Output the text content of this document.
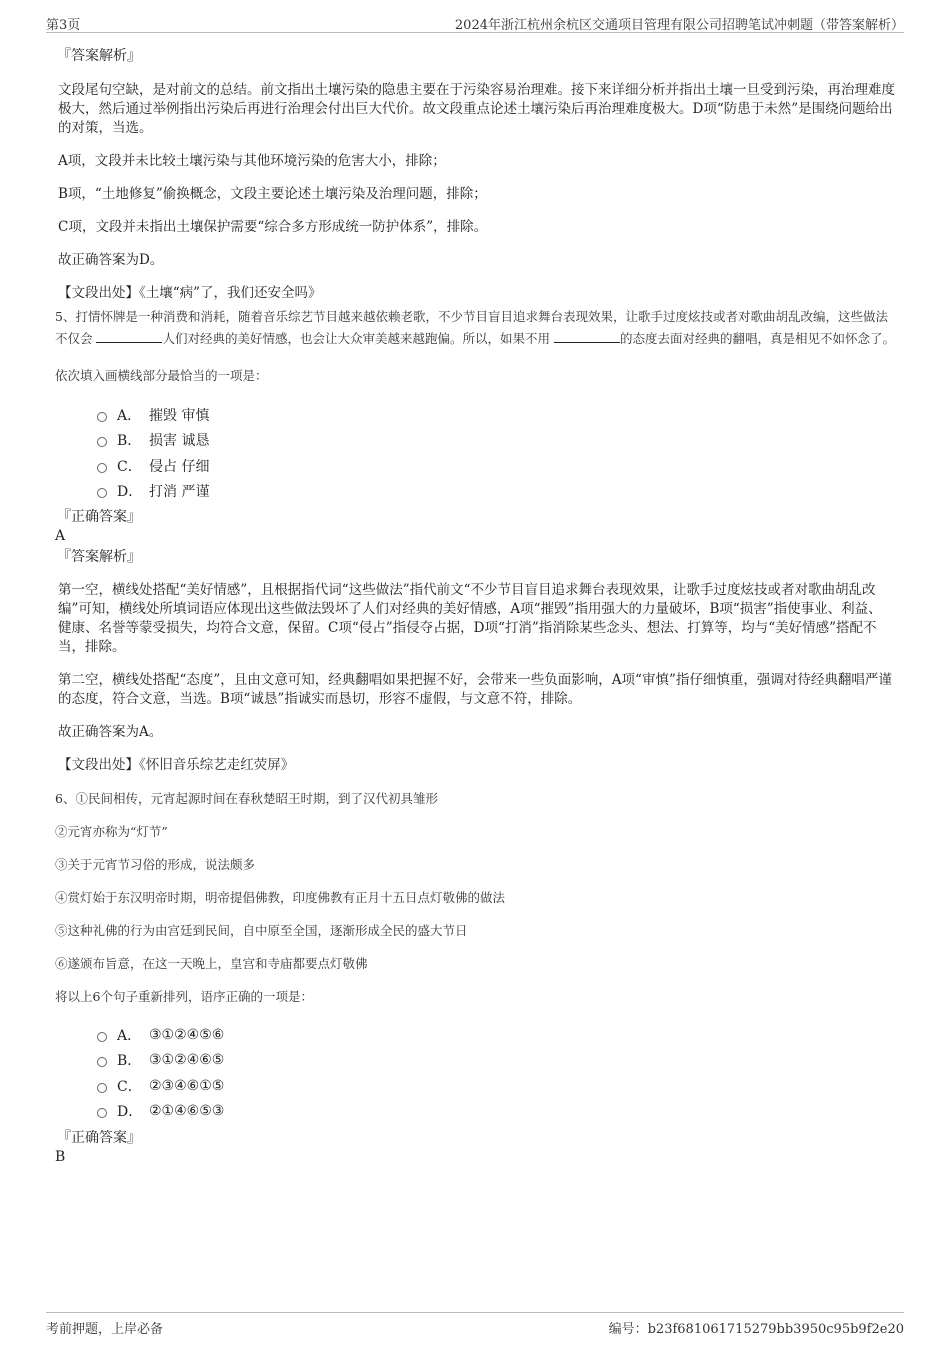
第3页	2024年浙江杭州余杭区交通项目管理有限公司招聘笔试冲刺题（带答案解析）

『答案解析』

文段尾句空缺，是对前文的总结。前文指出土壤污染的隐患主要在于污染容易治理难。接下来详细分析并指出土壤一旦受到污染，再治理难度极大，然后通过举例指出污染后再进行治理会付出巨大代价。故文段重点论述土壤污染后再治理难度极大。D项“防患于未然”是围绕问题给出的对策，当选。

A项，文段并未比较土壤污染与其他环境污染的危害大小，排除；

B项，“土地修复”偷换概念，文段主要论述土壤污染及治理问题，排除；

C项，文段并未指出土壤保护需要“综合多方形成统一防护体系”，排除。

故正确答案为D。

【文段出处】《土壤“病”了，我们还安全吗》

5、打情怀牌是一种消费和消耗，随着音乐综艺节目越来越依赖老歌，不少节目盲目追求舞台表现效果，让歌手过度炫技或者对歌曲胡乱改编，这些做法不仅会	人们对经典的美好情感，也会让大众审美越来越跑偏。所以，如果不用	的态度去面对经典的翻唱，真是相见不如怀念了。

依次填入画横线部分最恰当的一项是：

A． 摧毁 审慎
B． 损害 诚恳
C． 侵占 仔细
D． 打消 严谨

『正确答案』

A

『答案解析』

第一空，横线处搭配“美好情感”，且根据指代词“这些做法”指代前文“不少节目盲目追求舞台表现效果，让歌手过度炫技或者对歌曲胡乱改编”可知，横线处所填词语应体现出这些做法毁坏了人们对经典的美好情感，A项“摧毁”指用强大的力量破坏，B项“损害”指使事业、利益、健康、名誉等蒙受损失，均符合文意，保留。C项“侵占”指侵夺占据，D项“打消”指消除某些念头、想法、打算等，均与“美好情感”搭配不当，排除。

第二空，横线处搭配“态度”，且由文意可知，经典翻唱如果把握不好，会带来一些负面影响，A项“审慎”指仔细慎重，强调对待经典翻唱严谨的态度，符合文意，当选。B项“诚恳”指诚实而恳切，形容不虚假，与文意不符，排除。

故正确答案为A。

【文段出处】《怀旧音乐综艺走红荧屏》

6、①民间相传，元宵起源时间在春秋楚昭王时期，到了汉代初具雏形

②元宵亦称为“灯节”

③关于元宵节习俗的形成，说法颇多

④赏灯始于东汉明帝时期，明帝提倡佛教，印度佛教有正月十五日点灯敬佛的做法

⑤这种礼佛的行为由宫廷到民间，自中原至全国，逐渐形成全民的盛大节日

⑥遂颁布旨意，在这一天晚上，皇宫和寺庙都要点灯敬佛

将以上6个句子重新排列，语序正确的一项是：

A． ③①②④⑤⑥
B． ③①②④⑥⑤
C． ②③④⑥①⑤
D． ②①④⑥⑤③

『正确答案』

B

考前押题，上岸必备	编号：b23f681061715279bb3950c95b9f2e20
